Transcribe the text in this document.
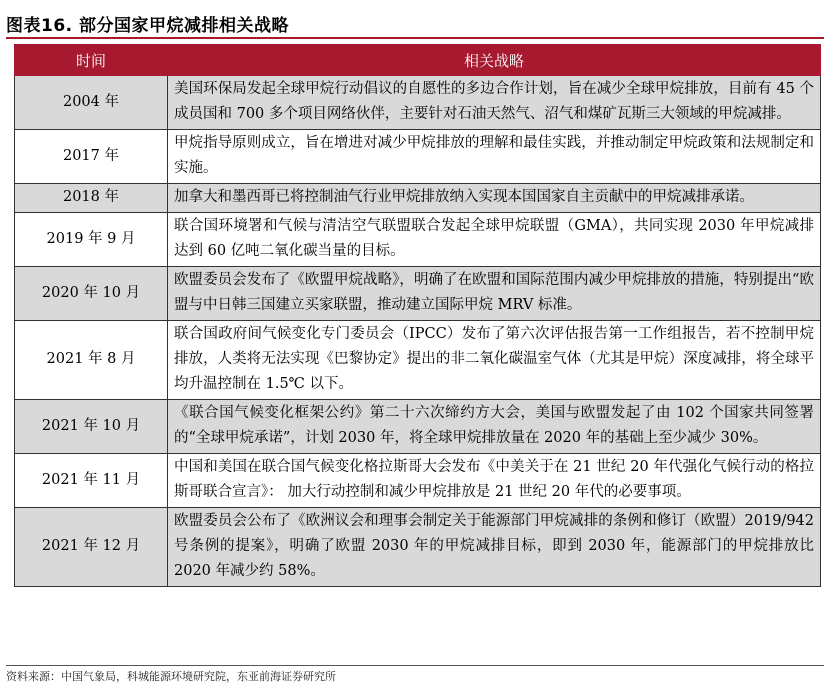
图表16. 部分国家甲烷减排相关战略
时间	相关战略
2004 年	美国环保局发起全球甲烷行动倡议的自愿性的多边合作计划，旨在减少全球甲烷排放，目前有 45 个成员国和 700 多个项目网络伙伴，主要针对石油天然气、沼气和煤矿瓦斯三大领域的甲烷减排。
2017 年	甲烷指导原则成立，旨在增进对减少甲烷排放的理解和最佳实践，并推动制定甲烷政策和法规制定和实施。
2018 年	加拿大和墨西哥已将控制油气行业甲烷排放纳入实现本国国家自主贡献中的甲烷减排承诺。
2019 年 9 月	联合国环境署和气候与清洁空气联盟联合发起全球甲烷联盟（GMA），共同实现 2030 年甲烷减排达到 60 亿吨二氧化碳当量的目标。
2020 年 10 月	欧盟委员会发布了《欧盟甲烷战略》，明确了在欧盟和国际范围内减少甲烷排放的措施，特别提出“欧盟与中日韩三国建立买家联盟，推动建立国际甲烷 MRV 标准。
2021 年 8 月	联合国政府间气候变化专门委员会（IPCC）发布了第六次评估报告第一工作组报告，若不控制甲烷排放，人类将无法实现《巴黎协定》提出的非二氧化碳温室气体（尤其是甲烷）深度减排，将全球平均升温控制在 1.5℃ 以下。
2021 年 10 月	《联合国气候变化框架公约》第二十六次缔约方大会，美国与欧盟发起了由 102 个国家共同签署的“全球甲烷承诺”，计划 2030 年，将全球甲烷排放量在 2020 年的基础上至少减少 30%。
2021 年 11 月	中国和美国在联合国气候变化格拉斯哥大会发布《中美关于在 21 世纪 20 年代强化气候行动的格拉斯哥联合宣言》： 加大行动控制和减少甲烷排放是 21 世纪 20 年代的必要事项。
2021 年 12 月	欧盟委员会公布了《欧洲议会和理事会制定关于能源部门甲烷减排的条例和修订（欧盟）2019/942 号条例的提案》，明确了欧盟 2030 年的甲烷减排目标，即到 2030 年，能源部门的甲烷排放比 2020 年减少约 58%。
资料来源：中国气象局，科城能源环境研究院，东亚前海证券研究所
